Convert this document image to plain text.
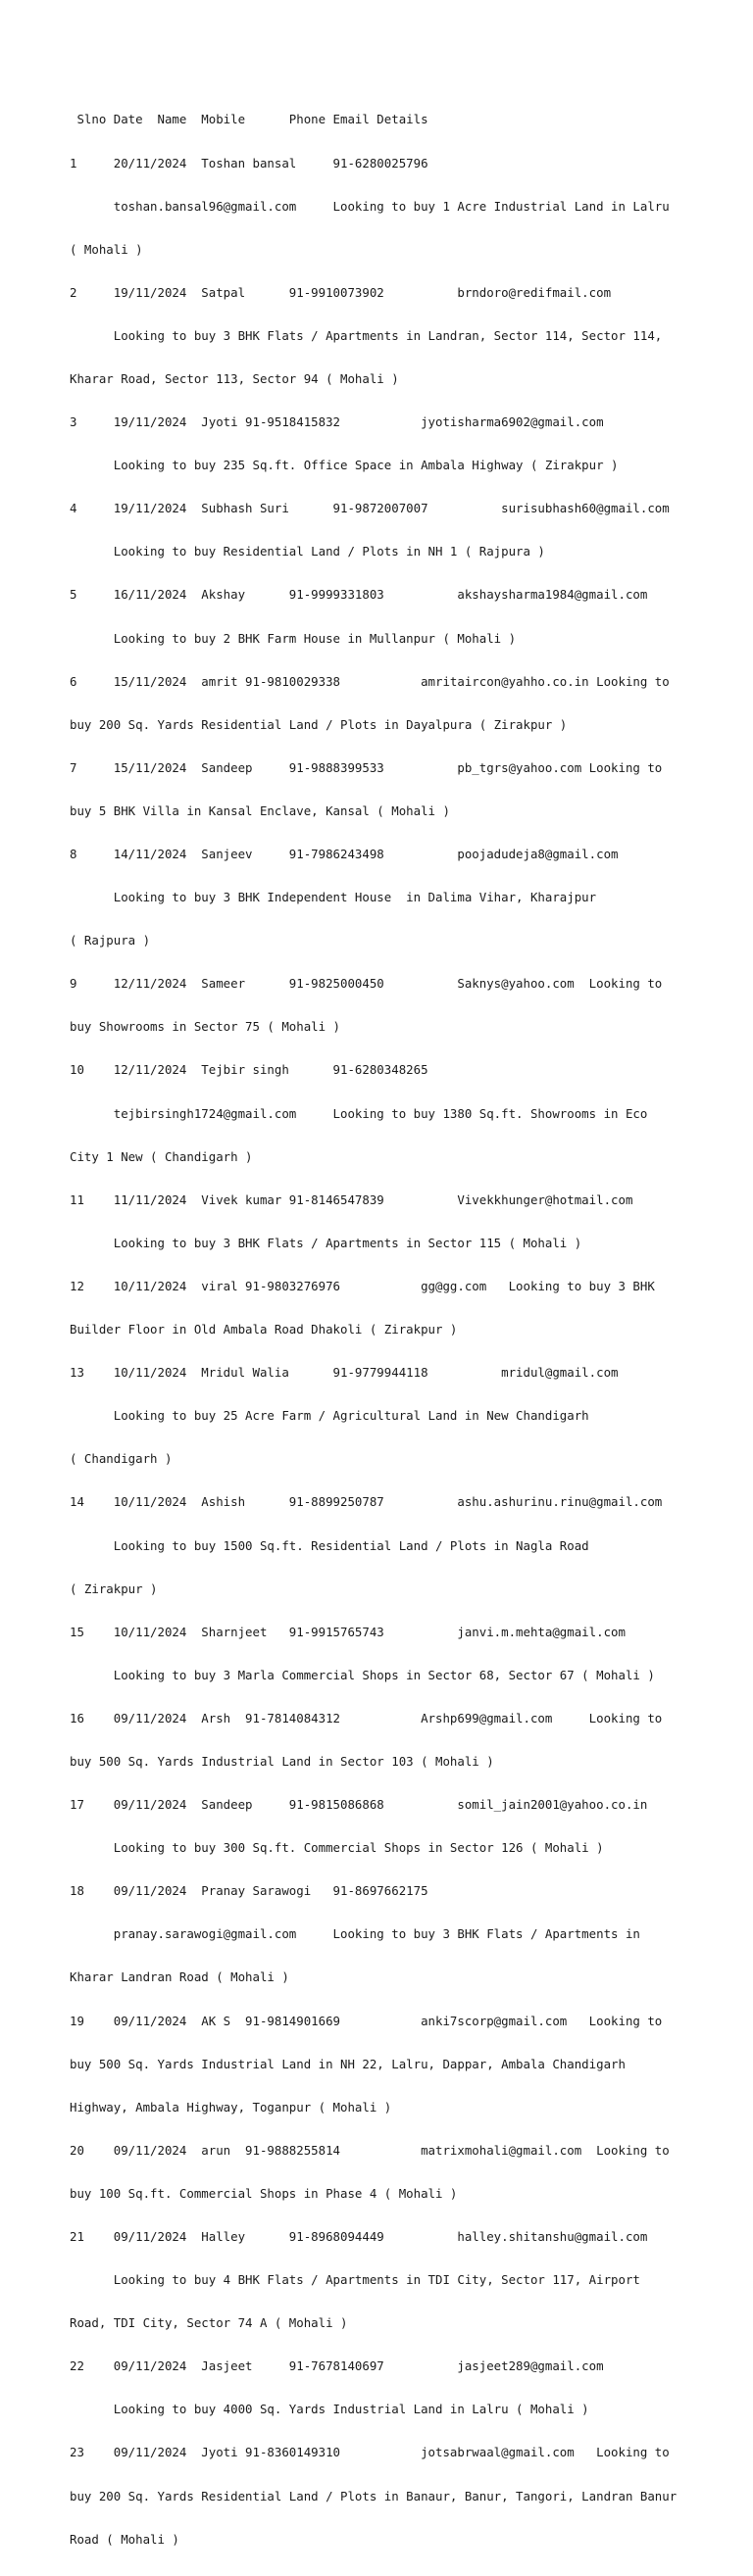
Slno Date  Name  Mobile      Phone Email Details

1     20/11/2024  Toshan bansal     91-6280025796

toshan.bansal96@gmail.com     Looking to buy 1 Acre Industrial Land in Lalru

( Mohali )

2     19/11/2024  Satpal      91-9910073902          brndoro@redifmail.com

Looking to buy 3 BHK Flats / Apartments in Landran, Sector 114, Sector 114,

Kharar Road, Sector 113, Sector 94 ( Mohali )

3     19/11/2024  Jyoti 91-9518415832           jyotisharma6902@gmail.com

Looking to buy 235 Sq.ft. Office Space in Ambala Highway ( Zirakpur )

4     19/11/2024  Subhash Suri      91-9872007007          surisubhash60@gmail.com

Looking to buy Residential Land / Plots in NH 1 ( Rajpura )

5     16/11/2024  Akshay      91-9999331803          akshaysharma1984@gmail.com

Looking to buy 2 BHK Farm House in Mullanpur ( Mohali )

6     15/11/2024  amrit 91-9810029338           amritaircon@yahho.co.in Looking to

buy 200 Sq. Yards Residential Land / Plots in Dayalpura ( Zirakpur )

7     15/11/2024  Sandeep     91-9888399533          pb_tgrs@yahoo.com Looking to

buy 5 BHK Villa in Kansal Enclave, Kansal ( Mohali )

8     14/11/2024  Sanjeev     91-7986243498          poojadudeja8@gmail.com

Looking to buy 3 BHK Independent House  in Dalima Vihar, Kharajpur

( Rajpura )

9     12/11/2024  Sameer      91-9825000450          Saknys@yahoo.com  Looking to

buy Showrooms in Sector 75 ( Mohali )

10    12/11/2024  Tejbir singh      91-6280348265

tejbirsingh1724@gmail.com     Looking to buy 1380 Sq.ft. Showrooms in Eco

City 1 New ( Chandigarh )

11    11/11/2024  Vivek kumar 91-8146547839          Vivekkhunger@hotmail.com

Looking to buy 3 BHK Flats / Apartments in Sector 115 ( Mohali )

12    10/11/2024  viral 91-9803276976           gg@gg.com   Looking to buy 3 BHK

Builder Floor in Old Ambala Road Dhakoli ( Zirakpur )

13    10/11/2024  Mridul Walia      91-9779944118          mridul@gmail.com

Looking to buy 25 Acre Farm / Agricultural Land in New Chandigarh

( Chandigarh )

14    10/11/2024  Ashish      91-8899250787          ashu.ashurinu.rinu@gmail.com

Looking to buy 1500 Sq.ft. Residential Land / Plots in Nagla Road

( Zirakpur )

15    10/11/2024  Sharnjeet   91-9915765743          janvi.m.mehta@gmail.com

Looking to buy 3 Marla Commercial Shops in Sector 68, Sector 67 ( Mohali )

16    09/11/2024  Arsh  91-7814084312           Arshp699@gmail.com     Looking to

buy 500 Sq. Yards Industrial Land in Sector 103 ( Mohali )

17    09/11/2024  Sandeep     91-9815086868          somil_jain2001@yahoo.co.in

Looking to buy 300 Sq.ft. Commercial Shops in Sector 126 ( Mohali )

18    09/11/2024  Pranay Sarawogi   91-8697662175

pranay.sarawogi@gmail.com     Looking to buy 3 BHK Flats / Apartments in

Kharar Landran Road ( Mohali )

19    09/11/2024  AK S  91-9814901669           anki7scorp@gmail.com   Looking to

buy 500 Sq. Yards Industrial Land in NH 22, Lalru, Dappar, Ambala Chandigarh

Highway, Ambala Highway, Toganpur ( Mohali )

20    09/11/2024  arun  91-9888255814           matrixmohali@gmail.com  Looking to

buy 100 Sq.ft. Commercial Shops in Phase 4 ( Mohali )

21    09/11/2024  Halley      91-8968094449          halley.shitanshu@gmail.com

Looking to buy 4 BHK Flats / Apartments in TDI City, Sector 117, Airport

Road, TDI City, Sector 74 A ( Mohali )

22    09/11/2024  Jasjeet     91-7678140697          jasjeet289@gmail.com

Looking to buy 4000 Sq. Yards Industrial Land in Lalru ( Mohali )

23    09/11/2024  Jyoti 91-8360149310           jotsabrwaal@gmail.com   Looking to

buy 200 Sq. Yards Residential Land / Plots in Banaur, Banur, Tangori, Landran Banur

Road ( Mohali )
